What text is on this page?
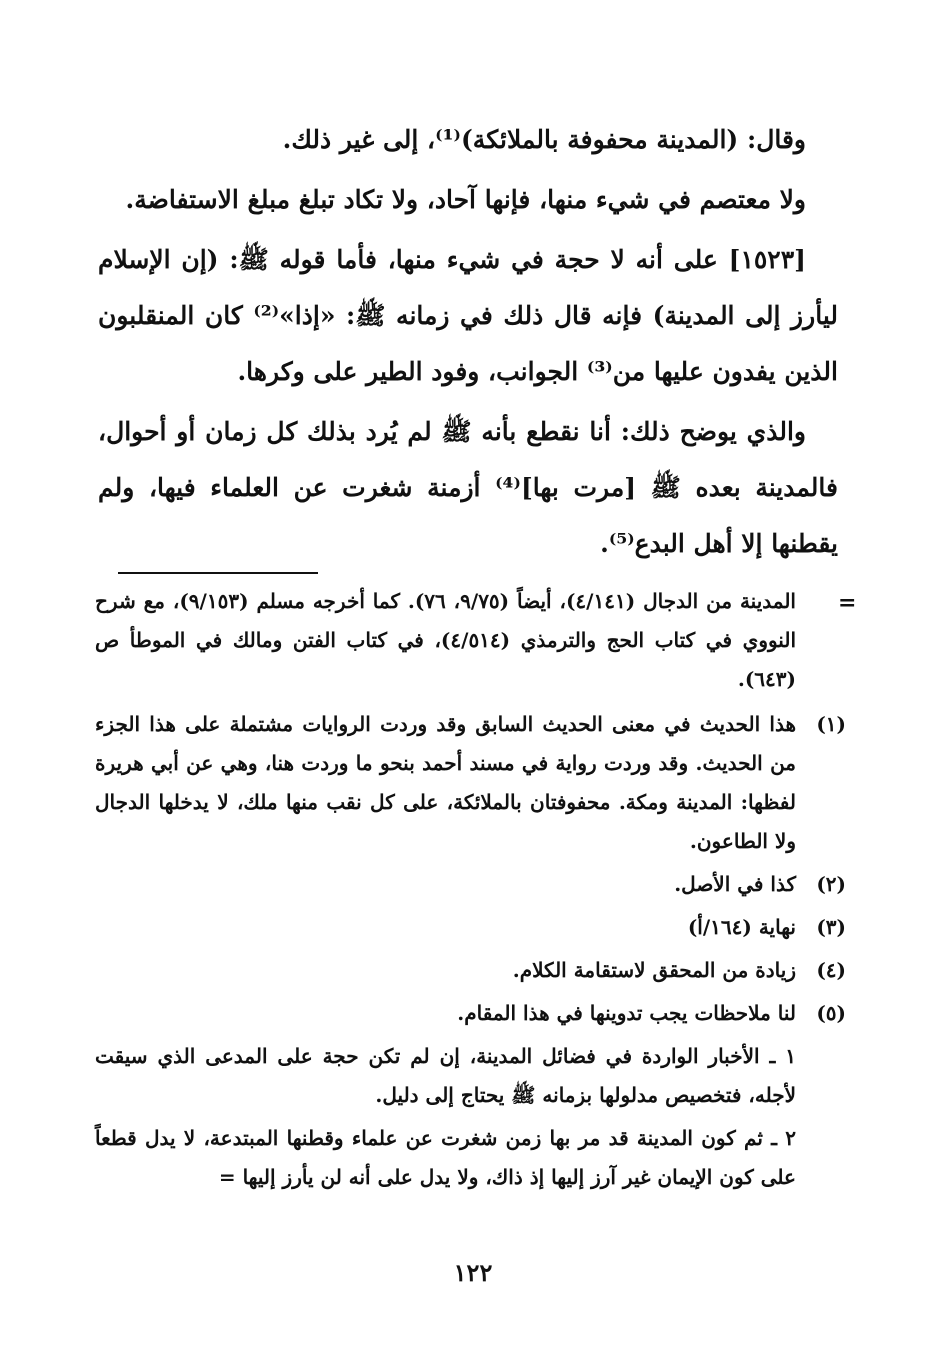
وقال: (المدينة محفوفة بالملائكة)⁽¹⁾، إلى غير ذلك.

ولا معتصم في شيء منها، فإنها آحاد، ولا تكاد تبلغ مبلغ الاستفاضة.

[١٥٢٣] على أنه لا حجة في شيء منها، فأما قوله ﷺ: (إن الإسلام ليأرز إلى المدينة) فإنه قال ذلك في زمانه ﷺ: «إذا»⁽²⁾ كان المنقلبون الذين يفدون عليها من⁽³⁾ الجوانب، وفود الطير على وكرها.

والذي يوضح ذلك: أنا نقطع بأنه ﷺ لم يُرد بذلك كل زمان أو أحوال، فالمدينة بعده ﷺ [مرت بها]⁽⁴⁾ أزمنة شغرت عن العلماء فيها، ولم يقطنها إلا أهل البدع⁽⁵⁾.

=
المدينة من الدجال (٤/١٤١)، أيضاً (٩/٧٥، ٧٦). كما أخرجه مسلم (٩/١٥٣)، مع شرح النووي في كتاب الحج والترمذي (٤/٥١٤)، في كتاب الفتن ومالك في الموطأ ص (٦٤٣).
(١)
هذا الحديث في معنى الحديث السابق وقد وردت الروايات مشتملة على هذا الجزء من الحديث. وقد وردت رواية في مسند أحمد بنحو ما وردت هنا، وهي عن أبي هريرة لفظها: المدينة ومكة. محفوفتان بالملائكة، على كل نقب منها ملك، لا يدخلها الدجال ولا الطاعون.
(٢)
كذا في الأصل.
(٣)
نهاية (١٦٤/أ)
(٤)
زيادة من المحقق لاستقامة الكلام.
(٥)
لنا ملاحظات يجب تدوينها في هذا المقام.
١ ـ الأخبار الواردة في فضائل المدينة، إن لم تكن حجة على المدعى الذي سيقت لأجله، فتخصيص مدلولها بزمانه ﷺ يحتاج إلى دليل.
٢ ـ ثم كون المدينة قد مر بها زمن شغرت عن علماء وقطنها المبتدعة، لا يدل قطعاً على كون الإيمان غير آرز إليها إذ ذاك، ولا يدل على أنه لن يأرز إليها =
١٢٢
